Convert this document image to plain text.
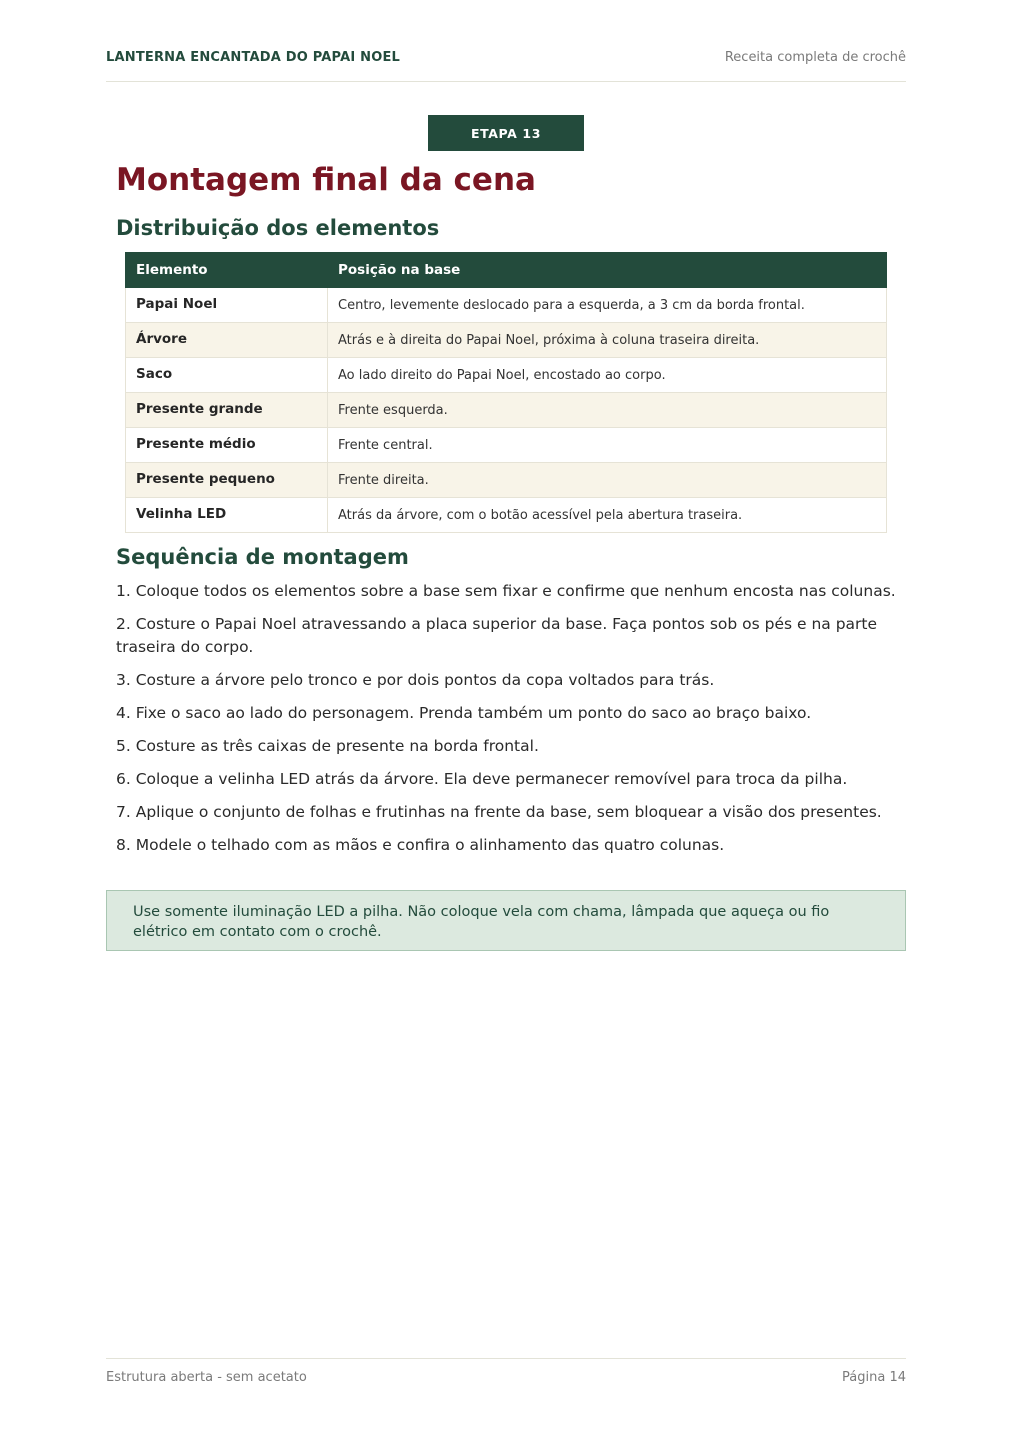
LANTERNA ENCANTADA DO PAPAI NOEL	Receita completa de crochê
ETAPA 13
Montagem final da cena
Distribuição dos elementos
Elemento	Posição na base
Papai Noel	Centro, levemente deslocado para a esquerda, a 3 cm da borda frontal.
Árvore	Atrás e à direita do Papai Noel, próxima à coluna traseira direita.
Saco	Ao lado direito do Papai Noel, encostado ao corpo.
Presente grande	Frente esquerda.
Presente médio	Frente central.
Presente pequeno	Frente direita.
Velinha LED	Atrás da árvore, com o botão acessível pela abertura traseira.
Sequência de montagem

1. Coloque todos os elementos sobre a base sem fixar e confirme que nenhum encosta nas colunas.

2. Costure o Papai Noel atravessando a placa superior da base. Faça pontos sob os pés e na parte traseira do corpo.

3. Costure a árvore pelo tronco e por dois pontos da copa voltados para trás.

4. Fixe o saco ao lado do personagem. Prenda também um ponto do saco ao braço baixo.

5. Costure as três caixas de presente na borda frontal.

6. Coloque a velinha LED atrás da árvore. Ela deve permanecer removível para troca da pilha.

7. Aplique o conjunto de folhas e frutinhas na frente da base, sem bloquear a visão dos presentes.

8. Modele o telhado com as mãos e confira o alinhamento das quatro colunas.

Use somente iluminação LED a pilha. Não coloque vela com chama, lâmpada que aqueça ou fio elétrico em contato com o crochê.
Estrutura aberta - sem acetato	Página 14
